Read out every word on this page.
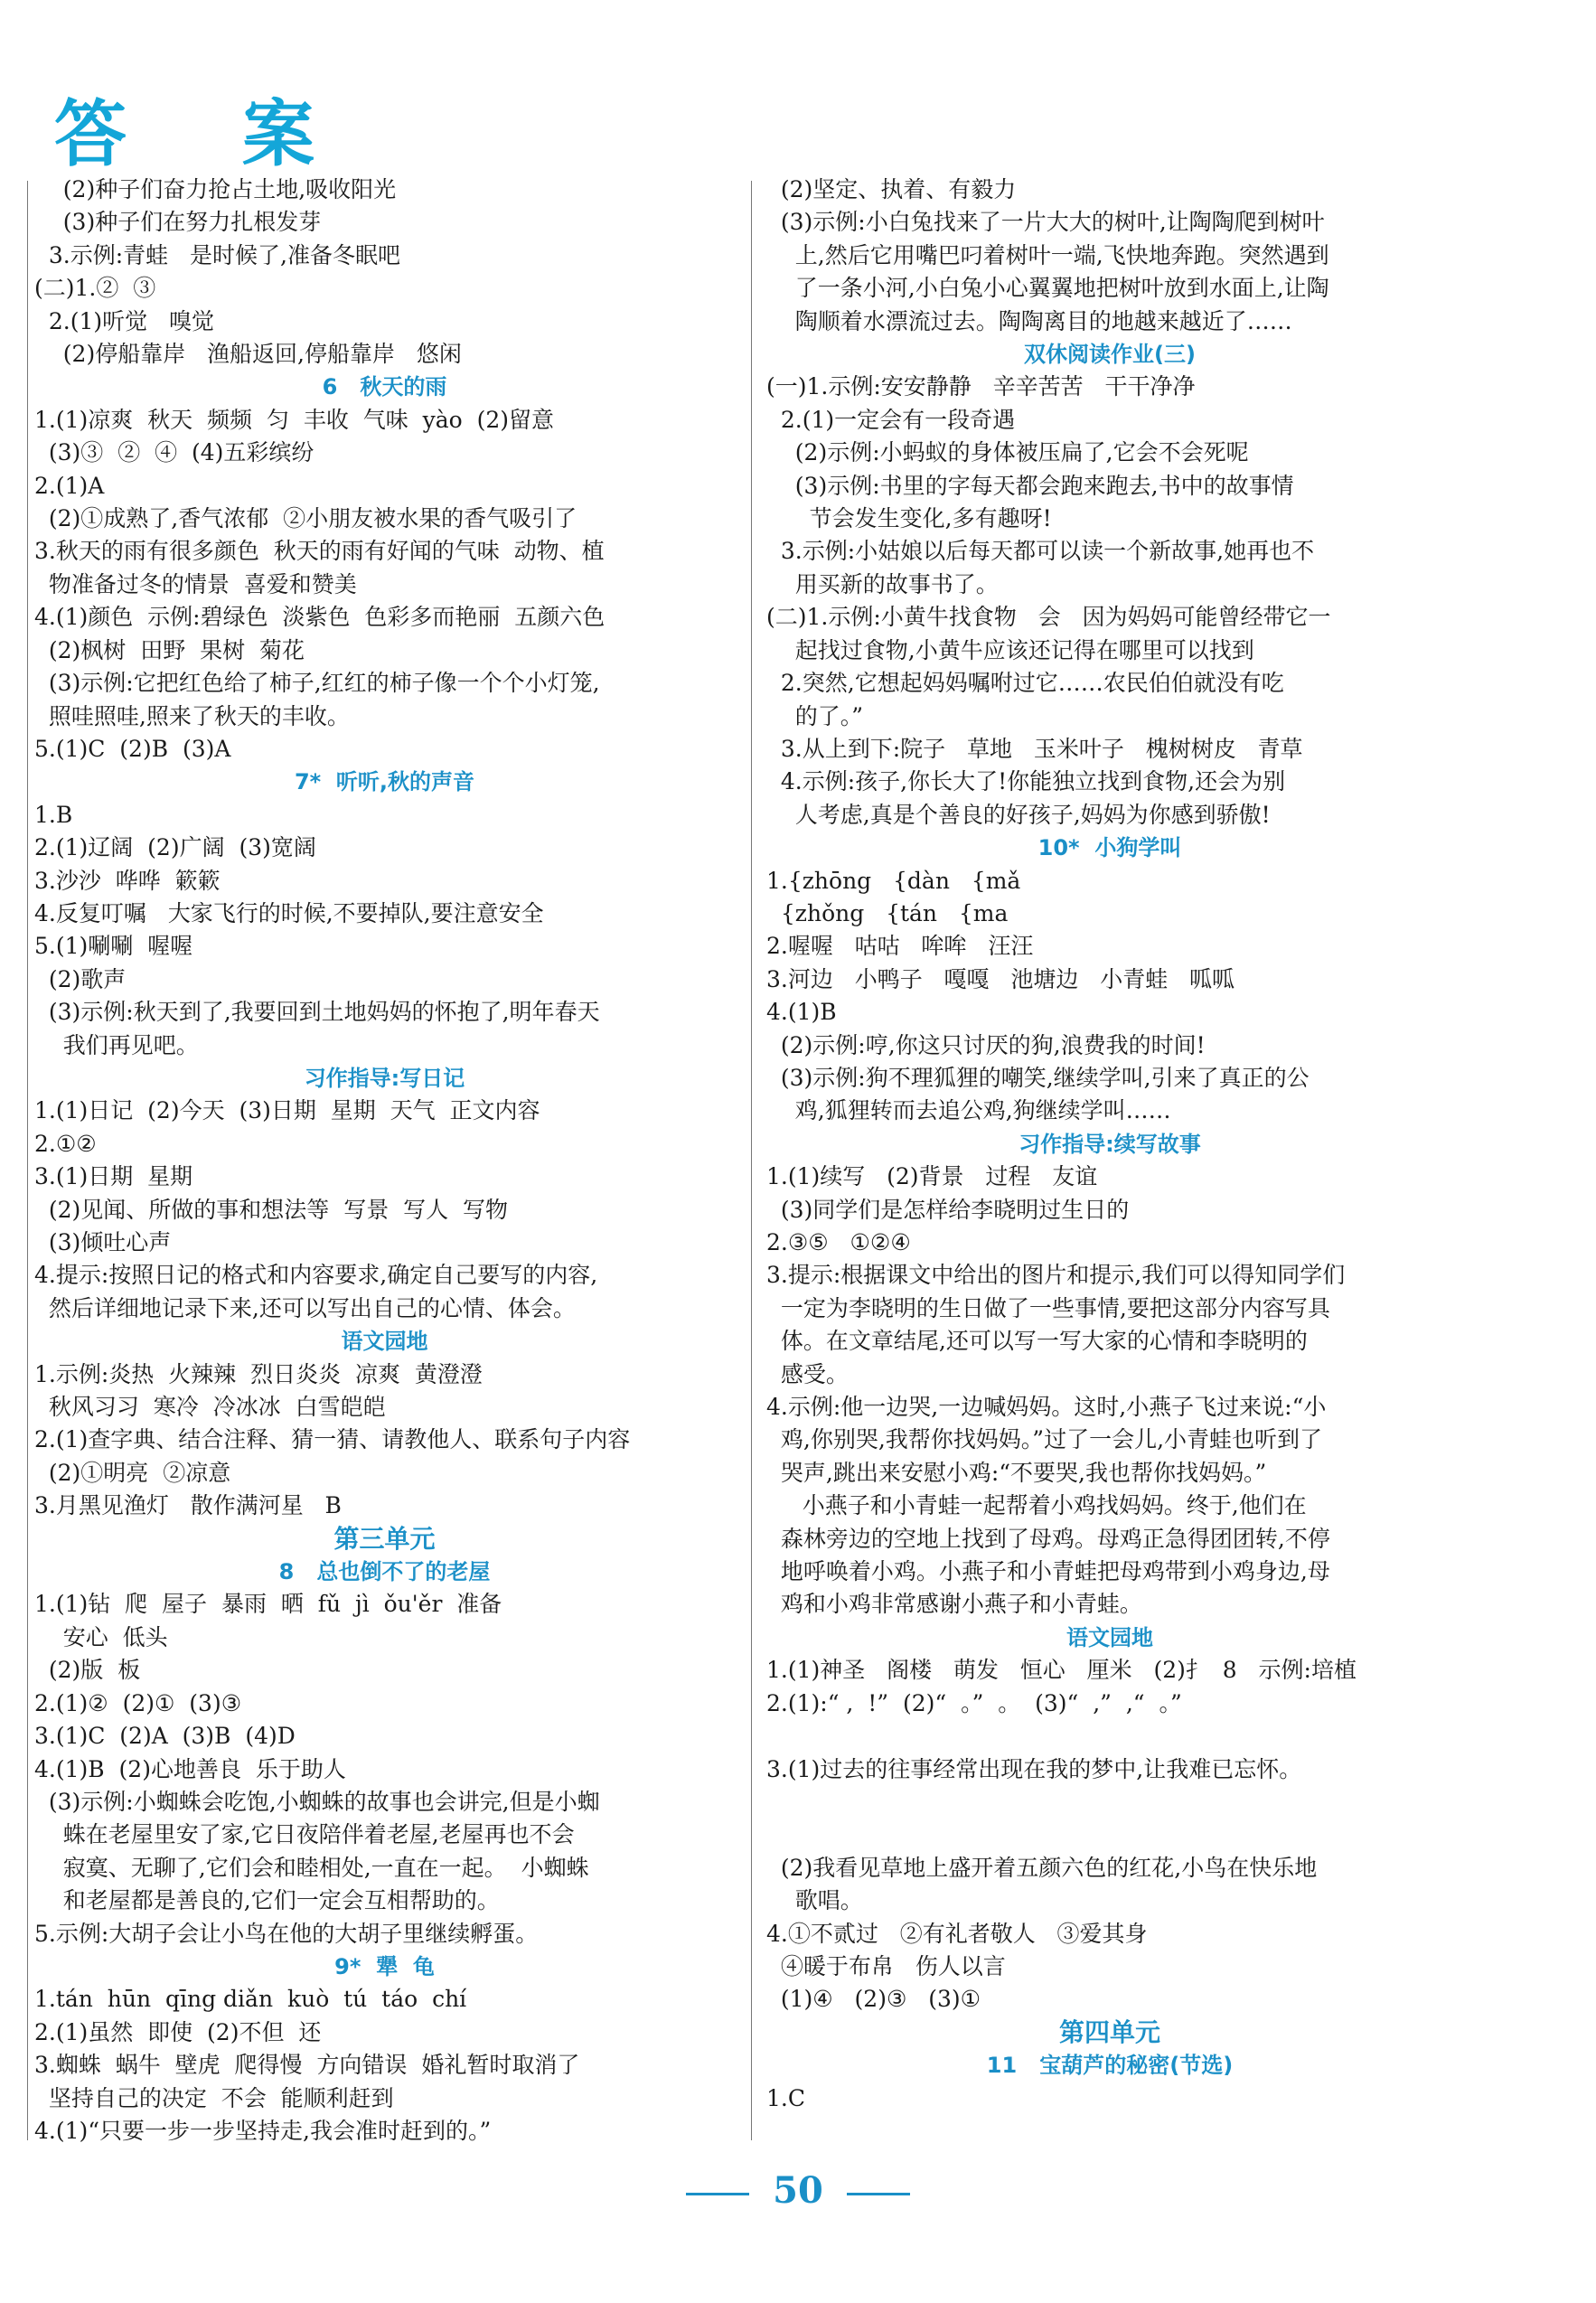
答 案
(2)种子们奋力抢占土地,吸收阳光
(3)种子们在努力扎根发芽
3.示例:青蛙   是时候了,准备冬眠吧
(二)1.②  ③
2.(1)听觉   嗅觉
(2)停船靠岸   渔船返回,停船靠岸   悠闲
6   秋天的雨
1.(1)凉爽  秋天  频频  匀  丰收  气味  yào  (2)留意
(3)③  ②  ④  (4)五彩缤纷
2.(1)A
(2)①成熟了,香气浓郁  ②小朋友被水果的香气吸引了
3.秋天的雨有很多颜色  秋天的雨有好闻的气味  动物、植
物准备过冬的情景  喜爱和赞美
4.(1)颜色  示例:碧绿色  淡紫色  色彩多而艳丽  五颜六色
(2)枫树  田野  果树  菊花
(3)示例:它把红色给了柿子,红红的柿子像一个个小灯笼,
照哇照哇,照来了秋天的丰收。
5.(1)C  (2)B  (3)A
7*  听听,秋的声音
1.B
2.(1)辽阔  (2)广阔  (3)宽阔
3.沙沙  哗哗  簌簌
4.反复叮嘱   大家飞行的时候,不要掉队,要注意安全
5.(1)唰唰  喔喔
(2)歌声
(3)示例:秋天到了,我要回到土地妈妈的怀抱了,明年春天
我们再见吧。
习作指导:写日记
1.(1)日记  (2)今天  (3)日期  星期  天气  正文内容
2.①②
3.(1)日期  星期
(2)见闻、所做的事和想法等  写景  写人  写物
(3)倾吐心声
4.提示:按照日记的格式和内容要求,确定自己要写的内容,
然后详细地记录下来,还可以写出自己的心情、体会。
语文园地
1.示例:炎热  火辣辣  烈日炎炎  凉爽  黄澄澄
秋风习习  寒冷  冷冰冰  白雪皑皑
2.(1)查字典、结合注释、猜一猜、请教他人、联系句子内容
(2)①明亮  ②凉意
3.月黑见渔灯   散作满河星   B
第三单元
8   总也倒不了的老屋
1.(1)钻  爬  屋子  暴雨  晒  fǔ  jì  ǒu'ěr  准备
安心  低头
(2)版  板
2.(1)②  (2)①  (3)③
3.(1)C  (2)A  (3)B  (4)D
4.(1)B  (2)心地善良  乐于助人
(3)示例:小蜘蛛会吃饱,小蜘蛛的故事也会讲完,但是小蜘
蛛在老屋里安了家,它日夜陪伴着老屋,老屋再也不会
寂寞、无聊了,它们会和睦相处,一直在一起。  小蜘蛛
和老屋都是善良的,它们一定会互相帮助的。
5.示例:大胡子会让小鸟在他的大胡子里继续孵蛋。
9*  犟  龟
1.tán  hūn  qīng diǎn  kuò  tú  táo  chí
2.(1)虽然  即使  (2)不但  还
3.蜘蛛  蜗牛  壁虎  爬得慢  方向错误  婚礼暂时取消了
坚持自己的决定  不会  能顺利赶到
4.(1)“只要一步一步坚持走,我会准时赶到的。”
(2)坚定、执着、有毅力
(3)示例:小白兔找来了一片大大的树叶,让陶陶爬到树叶
上,然后它用嘴巴叼着树叶一端,飞快地奔跑。突然遇到
了一条小河,小白兔小心翼翼地把树叶放到水面上,让陶
陶顺着水漂流过去。陶陶离目的地越来越近了……
双休阅读作业(三)
(一)1.示例:安安静静   辛辛苦苦   干干净净
2.(1)一定会有一段奇遇
(2)示例:小蚂蚁的身体被压扁了,它会不会死呢
(3)示例:书里的字每天都会跑来跑去,书中的故事情
节会发生变化,多有趣呀!
3.示例:小姑娘以后每天都可以读一个新故事,她再也不
用买新的故事书了。
(二)1.示例:小黄牛找食物   会   因为妈妈可能曾经带它一
起找过食物,小黄牛应该还记得在哪里可以找到
2.突然,它想起妈妈嘱咐过它……农民伯伯就没有吃
的了。”
3.从上到下:院子   草地   玉米叶子   槐树树皮   青草
4.示例:孩子,你长大了!你能独立找到食物,还会为别
人考虑,真是个善良的好孩子,妈妈为你感到骄傲!
10*  小狗学叫
1.{zhōng   {dàn   {mǎ
{zhǒng   {tán   {ma
2.喔喔   咕咕   哞哞   汪汪
3.河边   小鸭子   嘎嘎   池塘边   小青蛙   呱呱
4.(1)B
(2)示例:哼,你这只讨厌的狗,浪费我的时间!
(3)示例:狗不理狐狸的嘲笑,继续学叫,引来了真正的公
鸡,狐狸转而去追公鸡,狗继续学叫……
习作指导:续写故事
1.(1)续写   (2)背景   过程   友谊
(3)同学们是怎样给李晓明过生日的
2.③⑤   ①②④
3.提示:根据课文中给出的图片和提示,我们可以得知同学们
一定为李晓明的生日做了一些事情,要把这部分内容写具
体。在文章结尾,还可以写一写大家的心情和李晓明的
感受。
4.示例:他一边哭,一边喊妈妈。这时,小燕子飞过来说:“小
鸡,你别哭,我帮你找妈妈。”过了一会儿,小青蛙也听到了
哭声,跳出来安慰小鸡:“不要哭,我也帮你找妈妈。”
小燕子和小青蛙一起帮着小鸡找妈妈。终于,他们在
森林旁边的空地上找到了母鸡。母鸡正急得团团转,不停
地呼唤着小鸡。小燕子和小青蛙把母鸡带到小鸡身边,母
鸡和小鸡非常感谢小燕子和小青蛙。
语文园地
1.(1)神圣   阁楼   萌发   恒心   厘米   (2)扌  8   示例:培植
2.(1):“ ,  !”  (2)“  。”  。  (3)“  ,”  ,“  。”

3.(1)过去的往事经常出现在我的梦中,让我难已忘怀。

(2)我看见草地上盛开着五颜六色的红花,小鸟在快乐地
歌唱。
4.①不贰过   ②有礼者敬人   ③爱其身
④暖于布帛   伤人以言
(1)④   (2)③   (3)①
第四单元
11   宝葫芦的秘密(节选)
1.C
50
